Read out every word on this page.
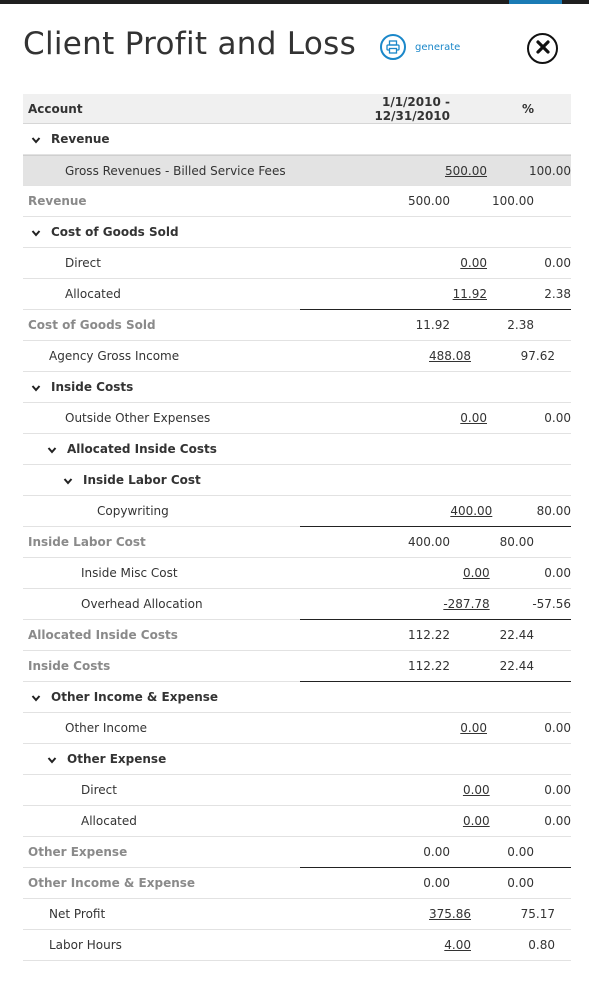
Client Profit and Loss	generate
Account	1/1/2010 - 12/31/2010	%
Revenue
Gross Revenues - Billed Service Fees	500.00	100.00
Revenue	500.00	100.00
Cost of Goods Sold
Direct	0.00	0.00
Allocated	11.92	2.38
Cost of Goods Sold	11.92	2.38
Agency Gross Income	488.08	97.62
Inside Costs
Outside Other Expenses	0.00	0.00
Allocated Inside Costs
Inside Labor Cost
Copywriting	400.00	80.00
Inside Labor Cost	400.00	80.00
Inside Misc Cost	0.00	0.00
Overhead Allocation	-287.78	-57.56
Allocated Inside Costs	112.22	22.44
Inside Costs	112.22	22.44
Other Income & Expense
Other Income	0.00	0.00
Other Expense
Direct	0.00	0.00
Allocated	0.00	0.00
Other Expense	0.00	0.00
Other Income & Expense	0.00	0.00
Net Profit	375.86	75.17
Labor Hours	4.00	0.80
